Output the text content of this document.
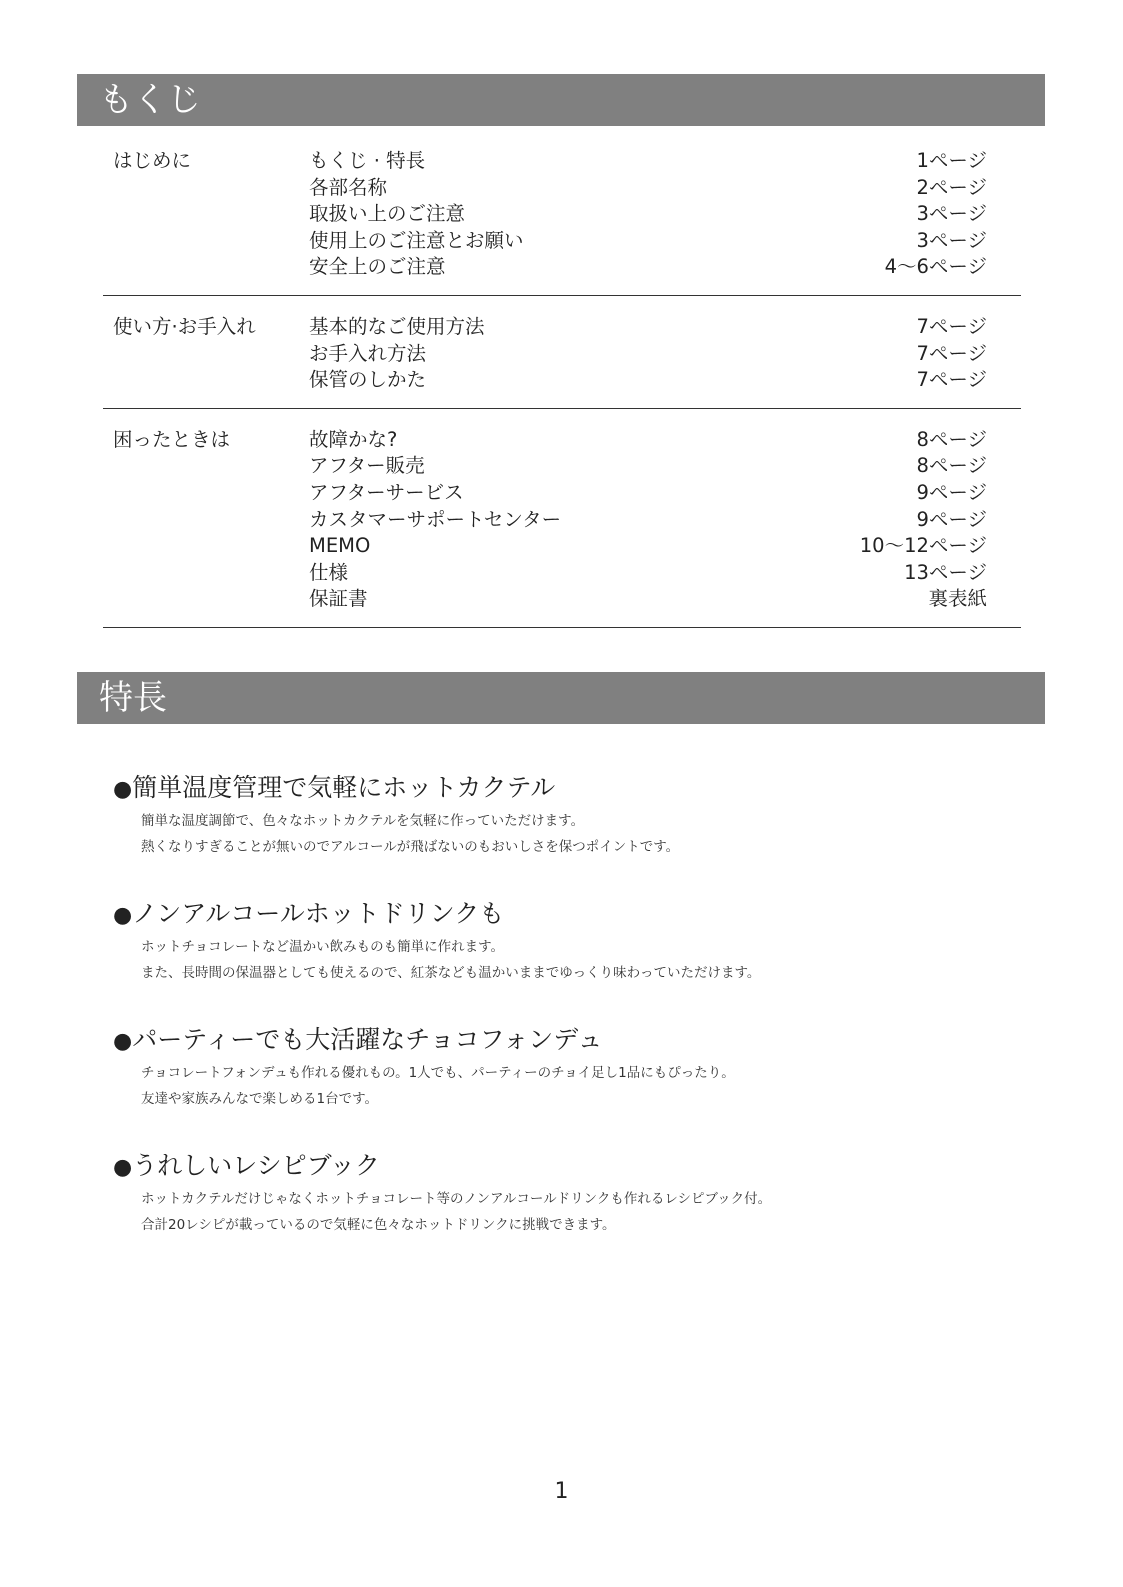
もくじ
はじめに	もくじ · 特長	1ページ
各部名称	2ページ
取扱い上のご注意	3ページ
使用上のご注意とお願い	3ページ
安全上のご注意	4〜6ページ
使い方·お手入れ	基本的なご使用方法	7ページ
お手入れ方法	7ページ
保管のしかた	7ページ
困ったときは	故障かな?	8ページ
アフター販売	8ページ
アフターサービス	9ページ
カスタマーサポートセンター	9ページ
MEMO	10〜12ページ
仕様	13ページ
保証書	裏表紙
特長
●簡単温度管理で気軽にホットカクテル
簡単な温度調節で、色々なホットカクテルを気軽に作っていただけます。
熱くなりすぎることが無いのでアルコールが飛ばないのもおいしさを保つポイントです。
●ノンアルコールホットドリンクも
ホットチョコレートなど温かい飲みものも簡単に作れます。
また、長時間の保温器としても使えるので、紅茶なども温かいままでゆっくり味わっていただけます。
●パーティーでも大活躍なチョコフォンデュ
チョコレートフォンデュも作れる優れもの。1人でも、パーティーのチョイ足し1品にもぴったり。
友達や家族みんなで楽しめる1台です。
●うれしいレシピブック
ホットカクテルだけじゃなくホットチョコレート等のノンアルコールドリンクも作れるレシピブック付。
合計20レシピが載っているので気軽に色々なホットドリンクに挑戦できます。
1
